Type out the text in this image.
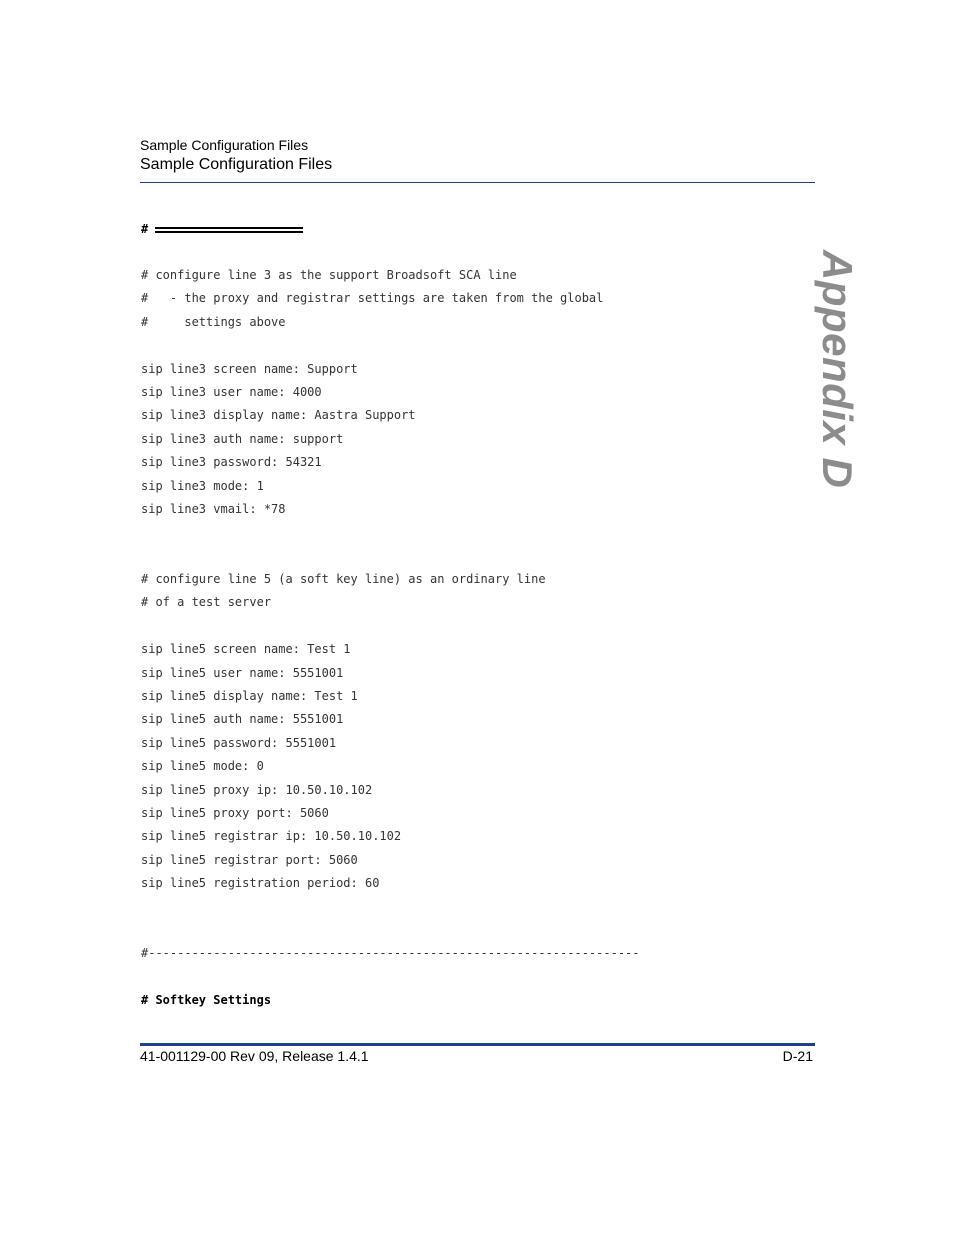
Sample Configuration Files
Sample Configuration Files
Appendix D
#
# configure line 3 as the support Broadsoft SCA line
#   - the proxy and registrar settings are taken from the global
#     settings above
sip line3 screen name: Support
sip line3 user name: 4000
sip line3 display name: Aastra Support
sip line3 auth name: support
sip line3 password: 54321
sip line3 mode: 1
sip line3 vmail: *78
# configure line 5 (a soft key line) as an ordinary line
# of a test server
sip line5 screen name: Test 1
sip line5 user name: 5551001
sip line5 display name: Test 1
sip line5 auth name: 5551001
sip line5 password: 5551001
sip line5 mode: 0
sip line5 proxy ip: 10.50.10.102
sip line5 proxy port: 5060
sip line5 registrar ip: 10.50.10.102
sip line5 registrar port: 5060
sip line5 registration period: 60
#--------------------------------------------------------------------
# Softkey Settings
41-001129-00 Rev 09, Release 1.4.1	D-21
